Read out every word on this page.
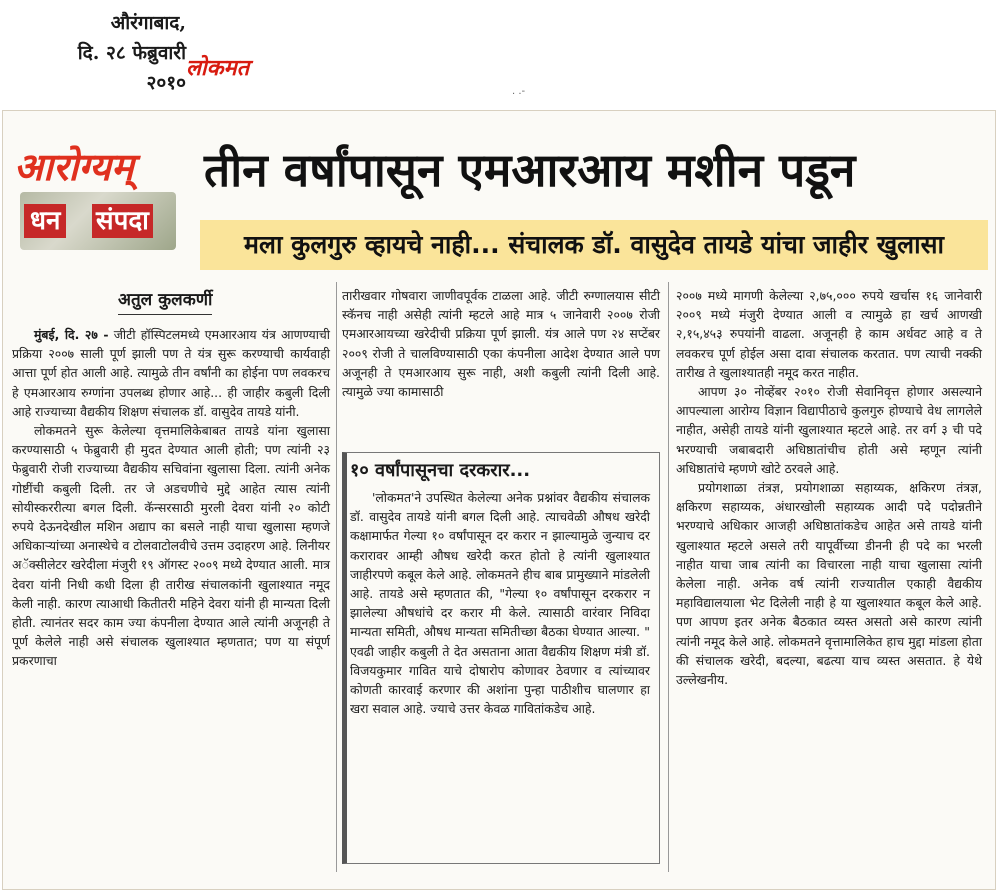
औरंगाबाद,
दि. २८ फेब्रुवारी
२०१०
लोकमत
. .-
आरोग्यम्
धन संपदा
तीन वर्षांपासून एमआरआय मशीन पडून
मला कुलगुरु व्हायचे नाही... संचालक डॉ. वासुदेव तायडे यांचा जाहीर खुलासा
अतुल कुलकर्णी

मुंबई, दि. २७ - जीटी हॉस्पिटलमध्ये एमआरआय यंत्र आणण्याची प्रक्रिया २००७ साली पूर्ण झाली पण ते यंत्र सुरू करण्याची कार्यवाही आत्ता पूर्ण होत आली आहे. त्यामुळे तीन वर्षांनी का होईना पण लवकरच हे एमआरआय रुग्णांना उपलब्ध होणार आहे... ही जाहीर कबुली दिली आहे राज्याच्या वैद्यकीय शिक्षण संचालक डॉ. वासुदेव तायडे यांनी.

लोकमतने सुरू केलेल्या वृत्तमालिकेबाबत तायडे यांना खुलासा करण्यासाठी ५ फेब्रुवारी ही मुदत देण्यात आली होती; पण त्यांनी २३ फेब्रुवारी रोजी राज्याच्या वैद्यकीय सचिवांना खुलासा दिला. त्यांनी अनेक गोष्टींची कबुली दिली. तर जे अडचणीचे मुद्दे आहेत त्यास त्यांनी सोयीस्कररीत्या बगल दिली. कॅन्सरसाठी मुरली देवरा यांनी २० कोटी रुपये देऊनदेखील मशिन अद्याप का बसले नाही याचा खुलासा म्हणजे अधिकाऱ्यांच्या अनास्थेचे व टोलवाटोलवीचे उत्तम उदाहरण आहे. लिनीयर अॅक्सीलेटर खरेदीला मंजुरी १९ ऑगस्ट २००९ मध्ये देण्यात आली. मात्र देवरा यांनी निधी कधी दिला ही तारीख संचालकांनी खुलाश्यात नमूद केली नाही. कारण त्याआधी कितीतरी महिने देवरा यांनी ही मान्यता दिली होती. त्यानंतर सदर काम ज्या कंपनीला देण्यात आले त्यांनी अजूनही ते पूर्ण केलेले नाही असे संचालक खुलाश्यात म्हणतात; पण या संपूर्ण प्रकरणाचा

तारीखवार गोषवारा जाणीवपूर्वक टाळला आहे. जीटी रुग्णालयास सीटी स्कॅनच नाही असेही त्यांनी म्हटले आहे मात्र ५ जानेवारी २००७ रोजी एमआरआयच्या खरेदीची प्रक्रिया पूर्ण झाली. यंत्र आले पण २४ सप्टेंबर २००९ रोजी ते चालविण्यासाठी एका कंपनीला आदेश देण्यात आले पण अजूनही ते एमआरआय सुरू नाही, अशी कबुली त्यांनी दिली आहे. त्यामुळे ज्या कामासाठी

१० वर्षांपासूनचा दरकरार...

'लोकमत'ने उपस्थित केलेल्या अनेक प्रश्नांवर वैद्यकीय संचालक डॉ. वासुदेव तायडे यांनी बगल दिली आहे. त्याचवेळी औषध खरेदी कक्षामार्फत गेल्या १० वर्षांपासून दर करार न झाल्यामुळे जुन्याच दर करारावर आम्ही औषध खरेदी करत होतो हे त्यांनी खुलाश्यात जाहीरपणे कबूल केले आहे. लोकमतने हीच बाब प्रामुख्याने मांडलेली आहे. तायडे असे म्हणतात की, "गेल्या १० वर्षांपासून दरकरार न झालेल्या औषधांचे दर करार मी केले. त्यासाठी वारंवार निविदा मान्यता समिती, औषध मान्यता समितीच्छा बैठका घेण्यात आल्या. " एवढी जाहीर कबुली ते देत असताना आता वैद्यकीय शिक्षण मंत्री डॉ. विजयकुमार गावित याचे दोषारोप कोणावर ठेवणार व त्यांच्यावर कोणती कारवाई करणार की अशांना पुन्हा पाठीशीच घालणार हा खरा सवाल आहे. ज्याचे उत्तर केवळ गावितांकडेच आहे.

२००७ मध्ये मागणी केलेल्या २,७५,००० रुपये खर्चास १६ जानेवारी २००९ मध्ये मंजुरी देण्यात आली व त्यामुळे हा खर्च आणखी २,१५,४५३ रुपयांनी वाढला. अजूनही हे काम अर्धवट आहे व ते लवकरच पूर्ण होईल असा दावा संचालक करतात. पण त्याची नक्की तारीख ते खुलाश्यातही नमूद करत नाहीत.

आपण ३० नोव्हेंबर २०१० रोजी सेवानिवृत्त होणार असल्याने आपल्याला आरोग्य विज्ञान विद्यापीठाचे कुलगुरु होण्याचे वेध लागलेले नाहीत, असेही तायडे यांनी खुलाश्यात म्हटले आहे. तर वर्ग ३ ची पदे भरण्याची जबाबदारी अधिष्ठातांचीच होती असे म्हणून त्यांनी अधिष्ठातांचे म्हणणे खोटे ठरवले आहे.

प्रयोगशाळा तंत्रज्ञ, प्रयोगशाळा सहाय्यक, क्षकिरण तंत्रज्ञ, क्षकिरण सहाय्यक, अंधारखोली सहाय्यक आदी पदे पदोन्नतीने भरण्याचे अधिकार आजही अधिष्ठातांकडेच आहेत असे तायडे यांनी खुलाश्यात म्हटले असले तरी यापूर्वीच्या डीननी ही पदे का भरली नाहीत याचा जाब त्यांनी का विचारला नाही याचा खुलासा त्यांनी केलेला नाही. अनेक वर्ष त्यांनी राज्यातील एकाही वैद्यकीय महाविद्यालयाला भेट दिलेली नाही हे या खुलाश्यात कबूल केले आहे. पण आपण इतर अनेक बैठकात व्यस्त असतो असे कारण त्यांनी त्यांनी नमूद केले आहे. लोकमतने वृत्तामालिकेत हाच मुद्दा मांडला होता की संचालक खरेदी, बदल्या, बढत्या याच व्यस्त असतात. हे येथे उल्लेखनीय.
